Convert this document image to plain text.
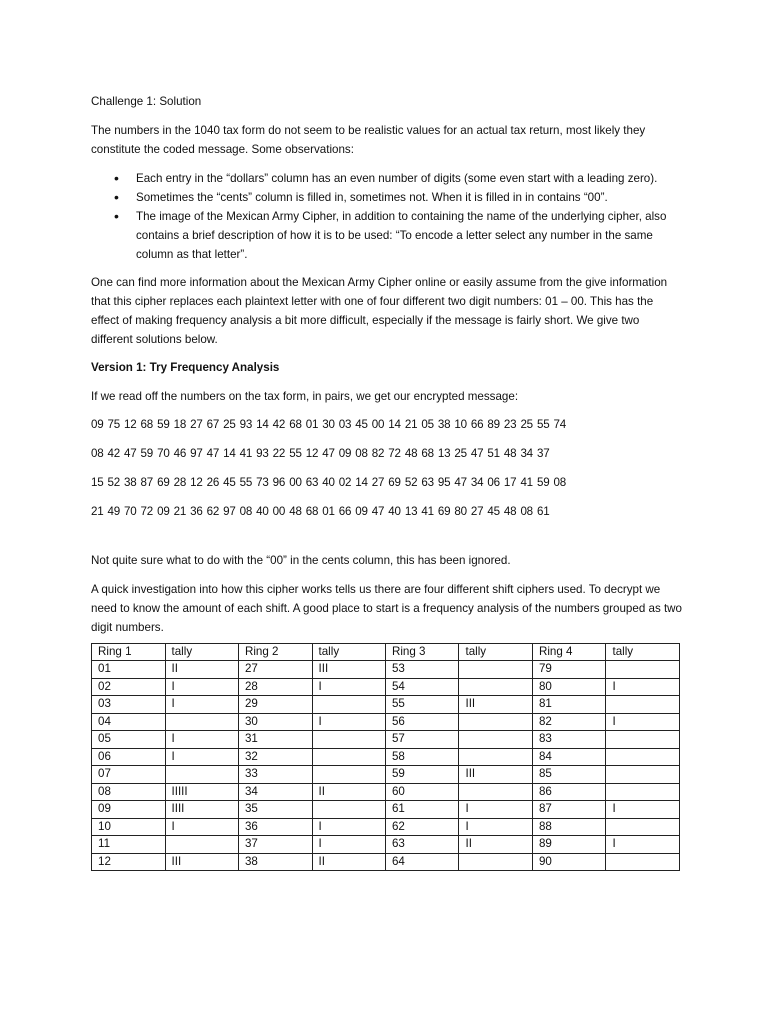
Challenge 1: Solution

The numbers in the 1040 tax form do not seem to be realistic values for an actual tax return, most likely they constitute the coded message. Some observations:

• Each entry in the “dollars” column has an even number of digits (some even start with a leading zero).
• Sometimes the “cents” column is filled in, sometimes not. When it is filled in in contains “00”.
• The image of the Mexican Army Cipher, in addition to containing the name of the underlying cipher, also contains a brief description of how it is to be used: “To encode a letter select any number in the same column as that letter”.

One can find more information about the Mexican Army Cipher online or easily assume from the give information that this cipher replaces each plaintext letter with one of four different two digit numbers: 01 – 00. This has the effect of making frequency analysis a bit more difficult, especially if the message is fairly short. We give two different solutions below.

Version 1: Try Frequency Analysis

If we read off the numbers on the tax form, in pairs, we get our encrypted message:

09 75 12 68 59 18 27 67 25 93 14 42 68 01 30 03 45 00 14 21 05 38 10 66 89 23 25 55 74

08 42 47 59 70 46 97 47 14 41 93 22 55 12 47 09 08 82 72 48 68 13 25 47 51 48 34 37

15 52 38 87 69 28 12 26 45 55 73 96 00 63 40 02 14 27 69 52 63 95 47 34 06 17 41 59 08

21 49 70 72 09 21 36 62 97 08 40 00 48 68 01 66 09 47 40 13 41 69 80 27 45 48 08 61

Not quite sure what to do with the “00” in the cents column, this has been ignored.

A quick investigation into how this cipher works tells us there are four different shift ciphers used. To decrypt we need to know the amount of each shift. A good place to start is a frequency analysis of the numbers grouped as two digit numbers.

Ring 1	tally	Ring 2	tally	Ring 3	tally	Ring 4	tally
01	II	27	III	53		79	
02	I	28	I	54		80	I
03	I	29		55	III	81	
04		30	I	56		82	I
05	I	31		57		83	
06	I	32		58		84	
07		33		59	III	85	
08	IIIII	34	II	60		86	
09	IIII	35		61	I	87	I
10	I	36	I	62	I	88	
11		37	I	63	II	89	I
12	III	38	II	64		90	
